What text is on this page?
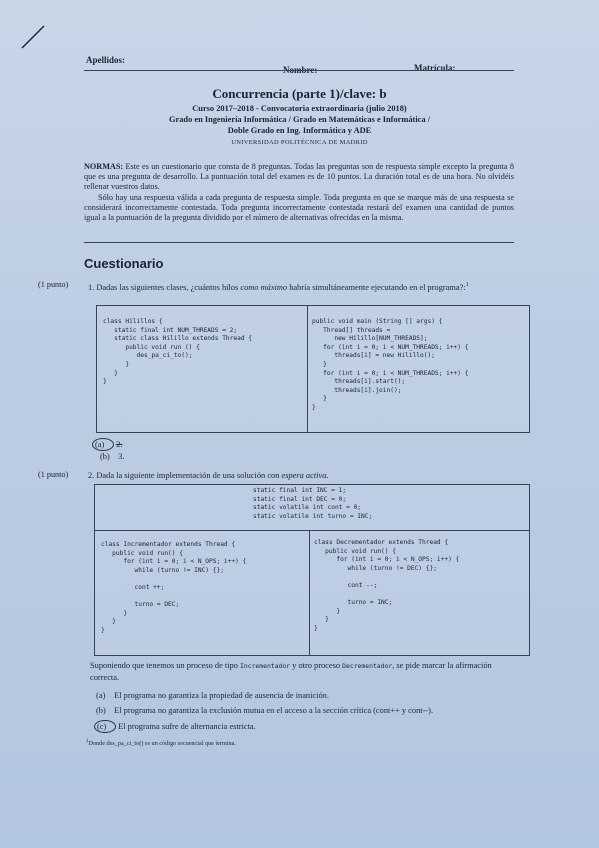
Apellidos:
Nombre:	Matrícula:
Concurrencia (parte 1)/clave: b
Curso 2017–2018 - Convocatoria extraordinaria (julio 2018)
Grado en Ingeniería Informática / Grado en Matemáticas e Informática /
Doble Grado en Ing. Informática y ADE
UNIVERSIDAD POLITÉCNICA DE MADRID

NORMAS: Este es un cuestionario que consta de 8 preguntas. Todas las preguntas son de respuesta simple excepto la pregunta 8 que es una pregunta de desarrollo. La puntuación total del examen es de 10 puntos. La duración total es de una hora. No olvidéis rellenar vuestros datos.

Sólo hay una respuesta válida a cada pregunta de respuesta simple. Toda pregunta en que se marque más de una respuesta se considerará incorrectamente contestada. Toda pregunta incorrectamente contestada restará del examen una cantidad de puntos igual a la puntuación de la pregunta dividido por el número de alternativas ofrecidas en la misma.

Cuestionario
(1 punto) 1. Dadas las siguientes clases, ¿cuántos hilos como máximo habría simultáneamente ejecutando en el programa?:$^1$
class Hilillos {
static final int NUM_THREADS = 2;
static class Hilillo extends Thread {
public void run () {
des_pa_ci_to();
}
}
}
public void main (String [] args) {
Thread[] threads =
new Hilillo[NUM_THREADS];
for (int i = 0; i < NUM_THREADS; i++) {
threads[i] = new Hilillo();
}
for (int i = 0; i < NUM_THREADS; i++) {
threads[i].start();
threads[i].join();
}
}
(a) 2.
(b) 3.
(1 punto) 2. Dada la siguiente implementación de una solución con espera activa.
static final int INC = 1;
static final int DEC = 0;
static volatile int cont = 0;
static volatile int turno = INC;
class Incrementador extends Thread {
public void run() {
for (int i = 0; i < N_OPS; i++) {
while (turno != INC) {};

cont ++;

turno = DEC;
}
}
}
class Decrementador extends Thread {
public void run() {
for (int i = 0; i < N_OPS; i++) {
while (turno != DEC) {};

cont --;

turno = INC;
}
}
}
Suponiendo que tenemos un proceso de tipo Incrementador y otro proceso Decrementador, se pide marcar la afirmación correcta.
(a) El programa no garantiza la propiedad de ausencia de inanición.
(b) El programa no garantiza la exclusión mutua en el acceso a la sección crítica (cont++ y cont--).
(c) El programa sufre de alternancia estricta.
$^1$Donde des_pa_ci_to() es un código secuencial que termina.
